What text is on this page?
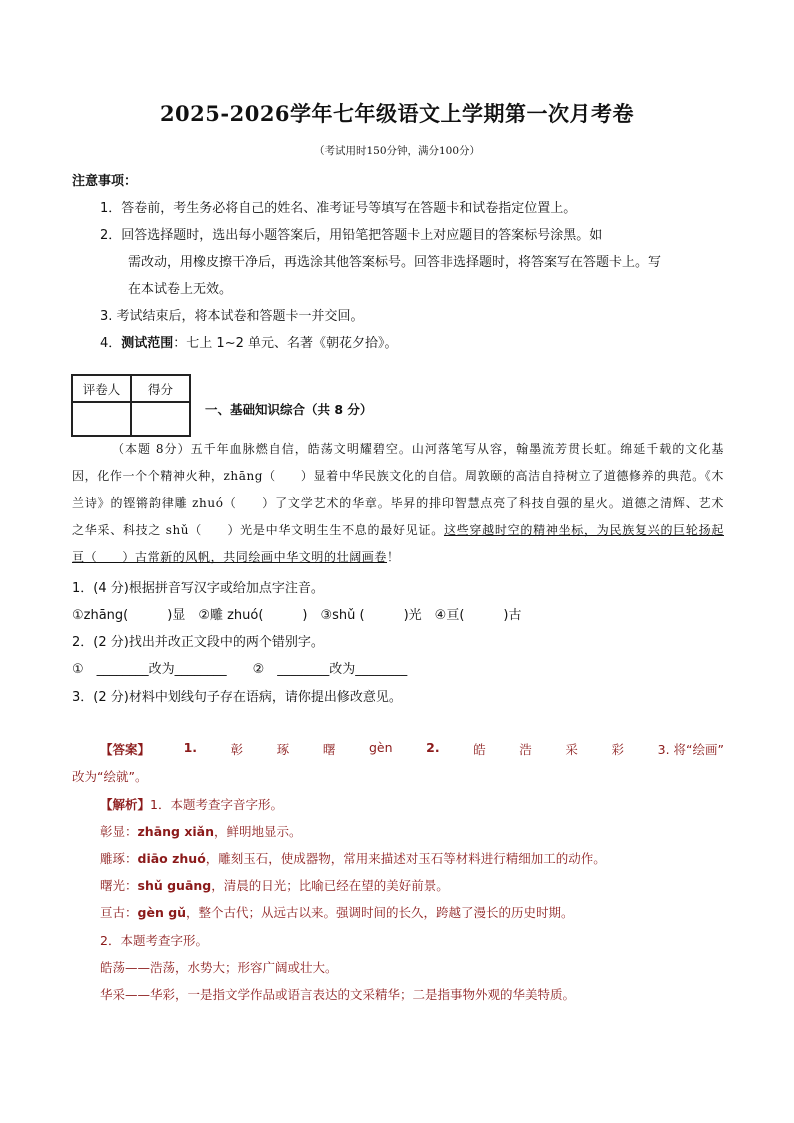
2025-2026学年七年级语文上学期第一次月考卷
（考试用时150分钟，满分100分）
注意事项：
1．答卷前，考生务必将自己的姓名、准考证号等填写在答题卡和试卷指定位置上。
2．回答选择题时，选出每小题答案后，用铅笔把答题卡上对应题目的答案标号涂黑。如
需改动，用橡皮擦干净后，再选涂其他答案标号。回答非选择题时，将答案写在答题卡上。写
在本试卷上无效。
3. 考试结束后，将本试卷和答题卡一并交回。
4．测试范围：七上 1~2 单元、名著《朝花夕拾》。
评卷人	得分

一、基础知识综合（共 8 分）
（本题 8分）五千年血脉燃自信，皓荡文明耀碧空。山河落笔写从容，翰墨流芳贯长虹。绵延千载的文化基因，化作一个个精神火种，zhāng（　　）显着中华民族文化的自信。周敦颐的高洁自持树立了道德修养的典范。《木兰诗》的铿锵韵律雕 zhuó（　　）了文学艺术的华章。毕昇的排印智慧点亮了科技自强的星火。道德之清辉、艺术之华采、科技之 shǔ（　　）光是中华文明生生不息的最好见证。这些穿越时空的精神坐标，为民族复兴的巨轮扬起亘（　　）古常新的风帆，共同绘画中华文明的壮阔画卷！
1．(4 分)根据拼音写汉字或给加点字注音。
①zhāng(　　　)显　②雕 zhuó(　　　)　③shǔ (　　　)光　④亘(　　　)古
2．(2 分)找出并改正文段中的两个错别字。
①　________改为________　　②　________改为________
3．(2 分)材料中划线句子存在语病，请你提出修改意见。
【答案】	1.	彰	琢	曙	gèn	2.	皓	浩	采	彩	3. 将“绘画”
改为“绘就”。
【解析】1．本题考查字音字形。
彰显：zhāng xiǎn，鲜明地显示。
雕琢：diāo zhuó，雕刻玉石，使成器物，常用来描述对玉石等材料进行精细加工的动作。
曙光：shǔ guāng，清晨的日光；比喻已经在望的美好前景。
亘古：gèn gǔ，整个古代；从远古以来。强调时间的长久，跨越了漫长的历史时期。
2．本题考查字形。
皓荡——浩荡，水势大；形容广阔或壮大。
华采——华彩，一是指文学作品或语言表达的文采精华；二是指事物外观的华美特质。
